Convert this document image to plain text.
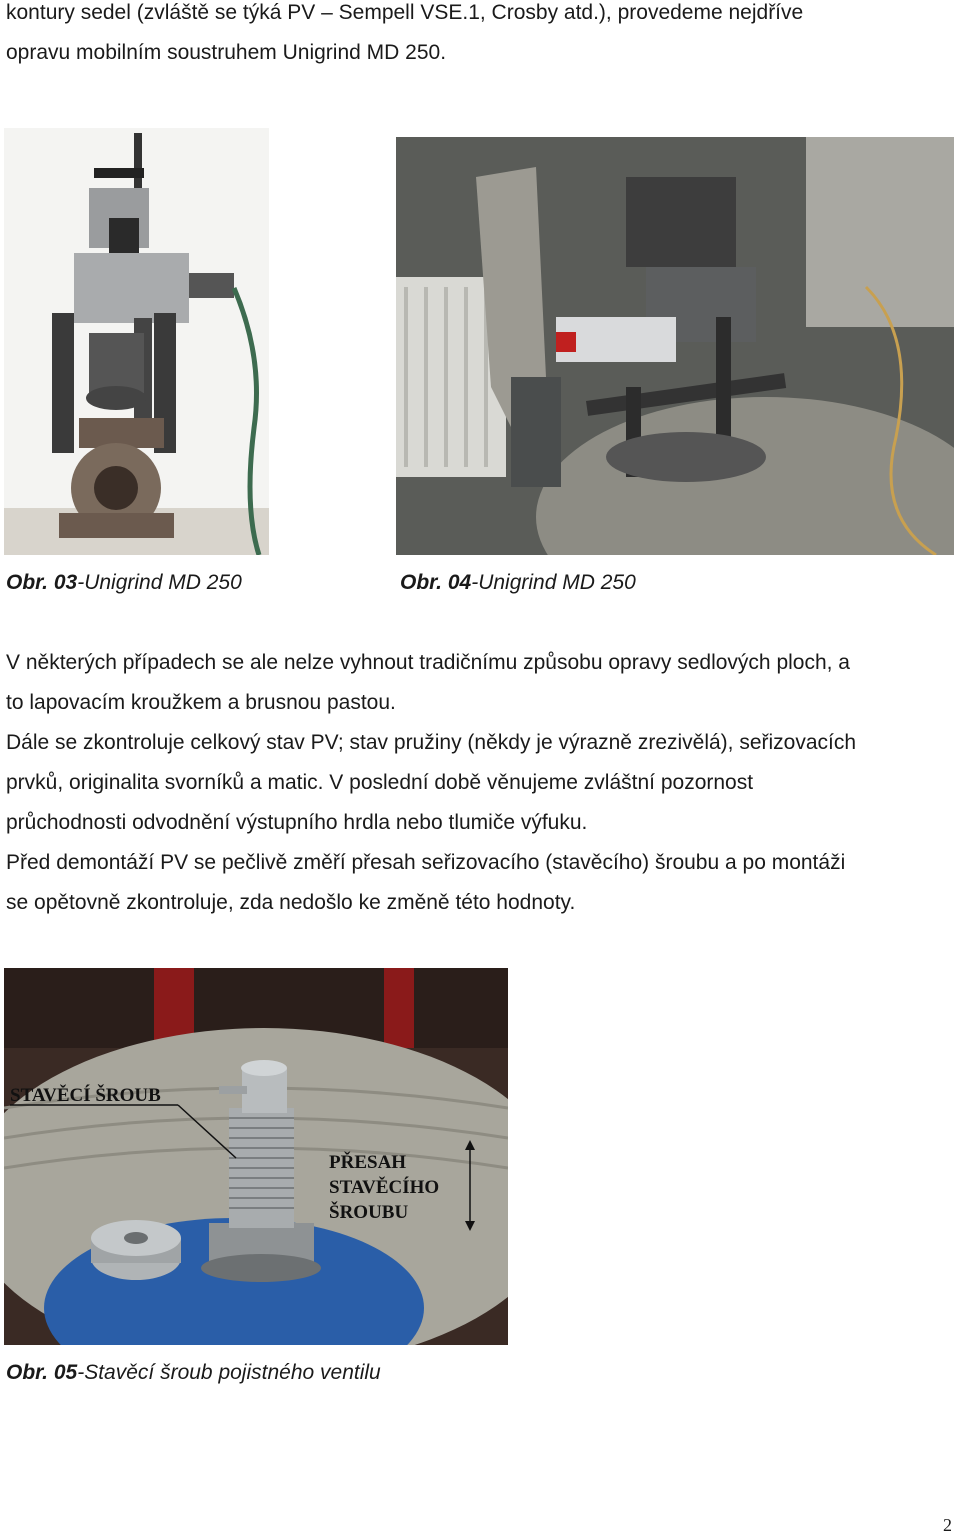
kontury sedel (zvláště se týká PV – Sempell VSE.1, Crosby atd.), provedeme nejdříve
opravu mobilním soustruhem Unigrind MD 250.
Obr. 03-Unigrind MD 250	Obr. 04-Unigrind MD 250
V některých případech se ale nelze vyhnout tradičnímu způsobu opravy sedlových ploch, a
to lapovacím kroužkem a brusnou pastou.
Dále se zkontroluje celkový stav PV; stav pružiny (někdy je výrazně zrezivělá), seřizovacích
prvků, originalita svorníků a matic. V poslední době věnujeme zvláštní pozornost
průchodnosti odvodnění výstupního hrdla nebo tlumiče výfuku.
Před demontáží PV se pečlivě změří přesah seřizovacího (stavěcího) šroubu a po montáži
se opětovně zkontroluje, zda nedošlo ke změně této hodnoty.
STAVĚCÍ ŠROUB
PŘESAH
STAVĚCÍHO
ŠROUBU
Obr. 05-Stavěcí šroub pojistného ventilu
2
